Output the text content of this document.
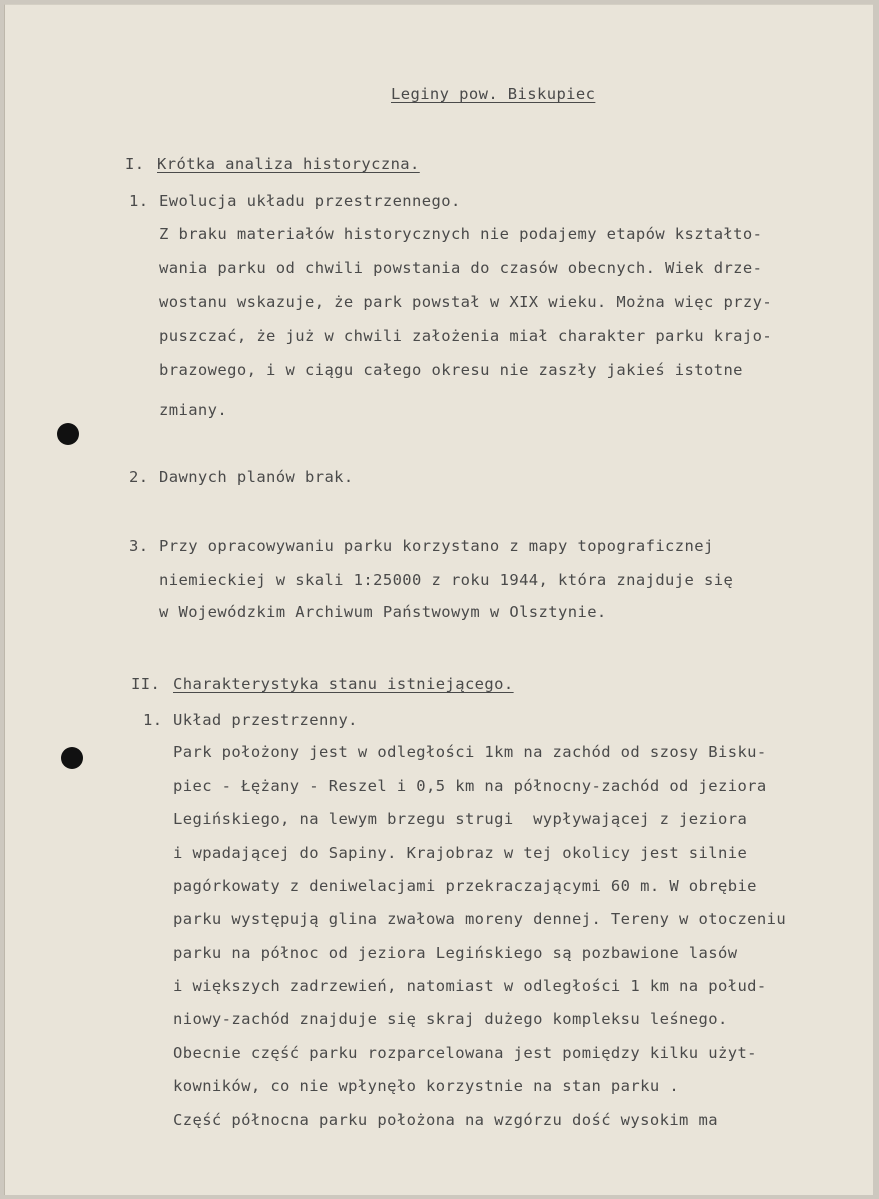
Leginy pow. Biskupiec
I. Krótka analiza historyczna.
1. Ewolucja układu przestrzennego.
Z braku materiałów historycznych nie podajemy etapów kształto-
wania parku od chwili powstania do czasów obecnych. Wiek drze-
wostanu wskazuje, że park powstał w XIX wieku. Można więc przy-
puszczać, że już w chwili założenia miał charakter parku krajo-
brazowego, i w ciągu całego okresu nie zaszły jakieś istotne
zmiany.
2. Dawnych planów brak.
3. Przy opracowywaniu parku korzystano z mapy topograficznej
niemieckiej w skali 1:25000 z roku 1944, która znajduje się
w Wojewódzkim Archiwum Państwowym w Olsztynie.
II. Charakterystyka stanu istniejącego.
1. Układ przestrzenny.
Park położony jest w odległości 1km na zachód od szosy Bisku-
piec - Łężany - Reszel i 0,5 km na północny-zachód od jeziora
Legińskiego, na lewym brzegu strugi  wypływającej z jeziora
i wpadającej do Sapiny. Krajobraz w tej okolicy jest silnie
pagórkowaty z deniwelacjami przekraczającymi 60 m. W obrębie
parku występują glina zwałowa moreny dennej. Tereny w otoczeniu
parku na północ od jeziora Legińskiego są pozbawione lasów
i większych zadrzewień, natomiast w odległości 1 km na połud-
niowy-zachód znajduje się skraj dużego kompleksu leśnego.
Obecnie część parku rozparcelowana jest pomiędzy kilku użyt-
kowników, co nie wpłynęło korzystnie na stan parku .
Część północna parku położona na wzgórzu dość wysokim ma
